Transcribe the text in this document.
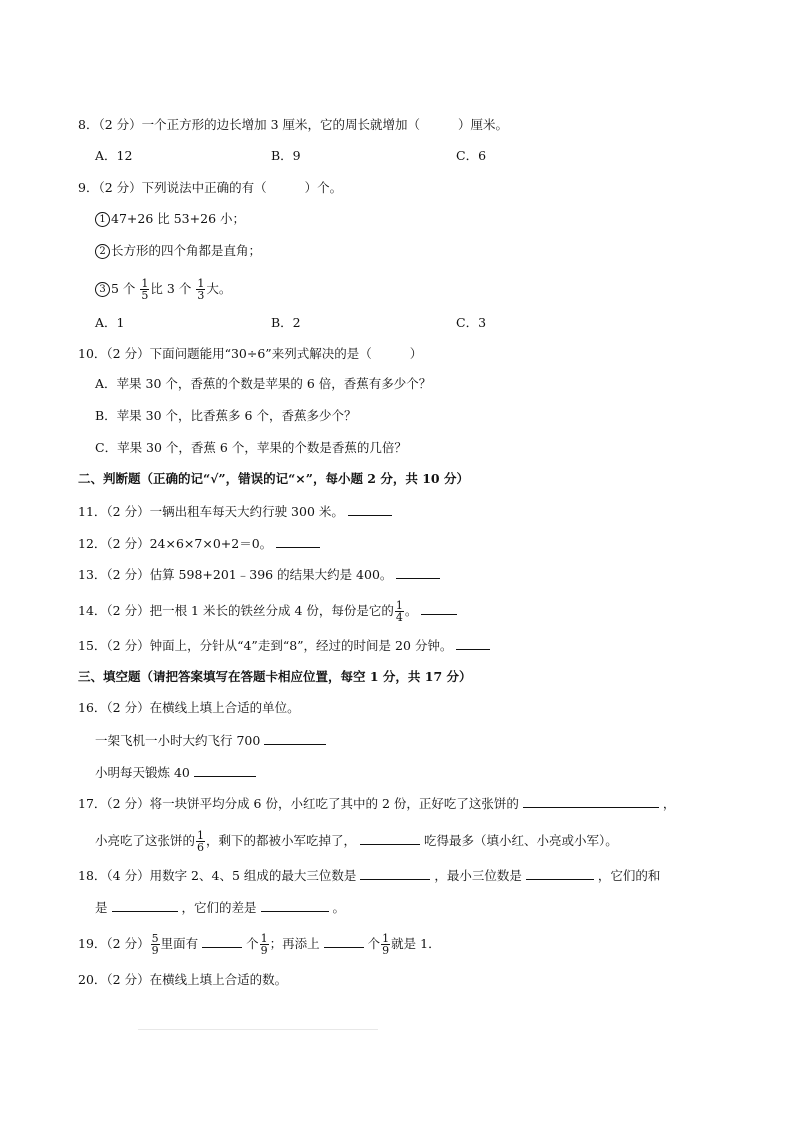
8．（2 分）一个正方形的边长增加 3 厘米，它的周长就增加（	）厘米。
A．12	B．9	C．6
9．（2 分）下列说法中正确的有（	）个。
1 47+26 比 53+26 小；
2 长方形的四个角都是直角；
3 5 个 $\frac{1}{5}$ 比 3 个 $\frac{1}{3}$ 大。
A．1	B．2	C．3
10．（2 分）下面问题能用“30÷6”来列式解决的是（	）
A．苹果 30 个，香蕉的个数是苹果的 6 倍，香蕉有多少个？
B．苹果 30 个，比香蕉多 6 个，香蕉多少个？
C．苹果 30 个，香蕉 6 个，苹果的个数是香蕉的几倍？
二、判断题（正确的记“√”，错误的记“×”，每小题 2 分，共 10 分）
11．（2 分）一辆出租车每天大约行驶 300 米。
12．（2 分）24×6×7×0+2＝0。
13．（2 分）估算 598+201﹣396 的结果大约是 400。
14．（2 分）把一根 1 米长的铁丝分成 4 份，每份是它的 $\frac{1}{4}$ 。
15．（2 分）钟面上，分针从“4”走到“8”，经过的时间是 20 分钟。
三、填空题（请把答案填写在答题卡相应位置，每空 1 分，共 17 分）
16．（2 分）在横线上填上合适的单位。
一架飞机一小时大约飞行 700
小明每天锻炼 40
17．（2 分）将一块饼平均分成 6 份，小红吃了其中的 2 份，正好吃了这张饼的	，
小亮吃了这张饼的 $\frac{1}{6}$ ，剩下的都被小军吃掉了，	吃得最多（填小红、小亮或小军）。
18．（4 分）用数字 2、4、5 组成的最大三位数是	，最小三位数是	，它们的和
是	，它们的差是	。
19．（2 分） $\frac{5}{9}$ 里面有	个 $\frac{1}{9}$ ；再添上	个 $\frac{1}{9}$ 就是 1．
20．（2 分）在横线上填上合适的数。
